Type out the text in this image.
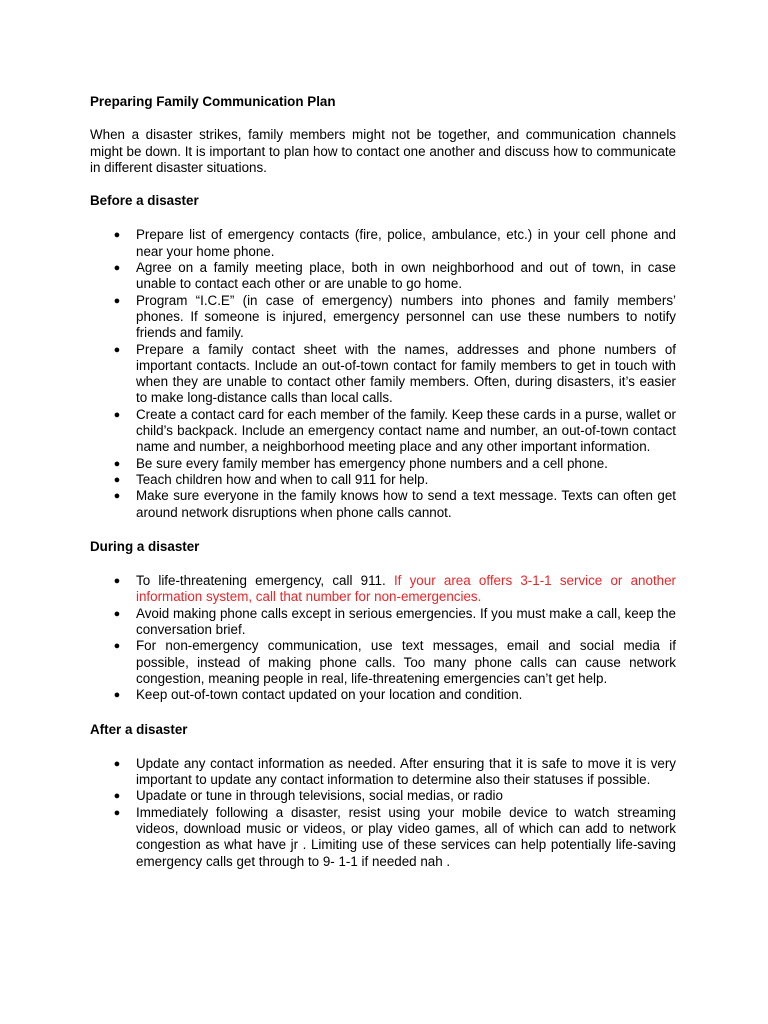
Preparing Family Communication Plan

When a disaster strikes, family members might not be together, and communication channels might be down. It is important to plan how to contact one another and discuss how to communicate in different disaster situations.

Before a disaster

● Prepare list of emergency contacts (fire, police, ambulance, etc.) in your cell phone and near your home phone.
● Agree on a family meeting place, both in own neighborhood and out of town, in case unable to contact each other or are unable to go home.
● Program “I.C.E” (in case of emergency) numbers into phones and family members’ phones. If someone is injured, emergency personnel can use these numbers to notify friends and family.
● Prepare a family contact sheet with the names, addresses and phone numbers of important contacts. Include an out-of-town contact for family members to get in touch with when they are unable to contact other family members. Often, during disasters, it’s easier to make long-distance calls than local calls.
● Create a contact card for each member of the family. Keep these cards in a purse, wallet or child’s backpack. Include an emergency contact name and number, an out-of-town contact name and number, a neighborhood meeting place and any other important information.
● Be sure every family member has emergency phone numbers and a cell phone.
● Teach children how and when to call 911 for help.
● Make sure everyone in the family knows how to send a text message. Texts can often get around network disruptions when phone calls cannot.

During a disaster

● To life-threatening emergency, call 911. If your area offers 3-1-1 service or another information system, call that number for non-emergencies.
● Avoid making phone calls except in serious emergencies. If you must make a call, keep the conversation brief.
● For non-emergency communication, use text messages, email and social media if possible, instead of making phone calls. Too many phone calls can cause network congestion, meaning people in real, life-threatening emergencies can’t get help.
● Keep out-of-town contact updated on your location and condition.

After a disaster

● Update any contact information as needed. After ensuring that it is safe to move it is very important to update any contact information to determine also their statuses if possible.
● Upadate or tune in through televisions, social medias, or radio
● Immediately following a disaster, resist using your mobile device to watch streaming videos, download music or videos, or play video games, all of which can add to network congestion as what have jr . Limiting use of these services can help potentially life-saving emergency calls get through to 9- 1-1 if needed nah .
